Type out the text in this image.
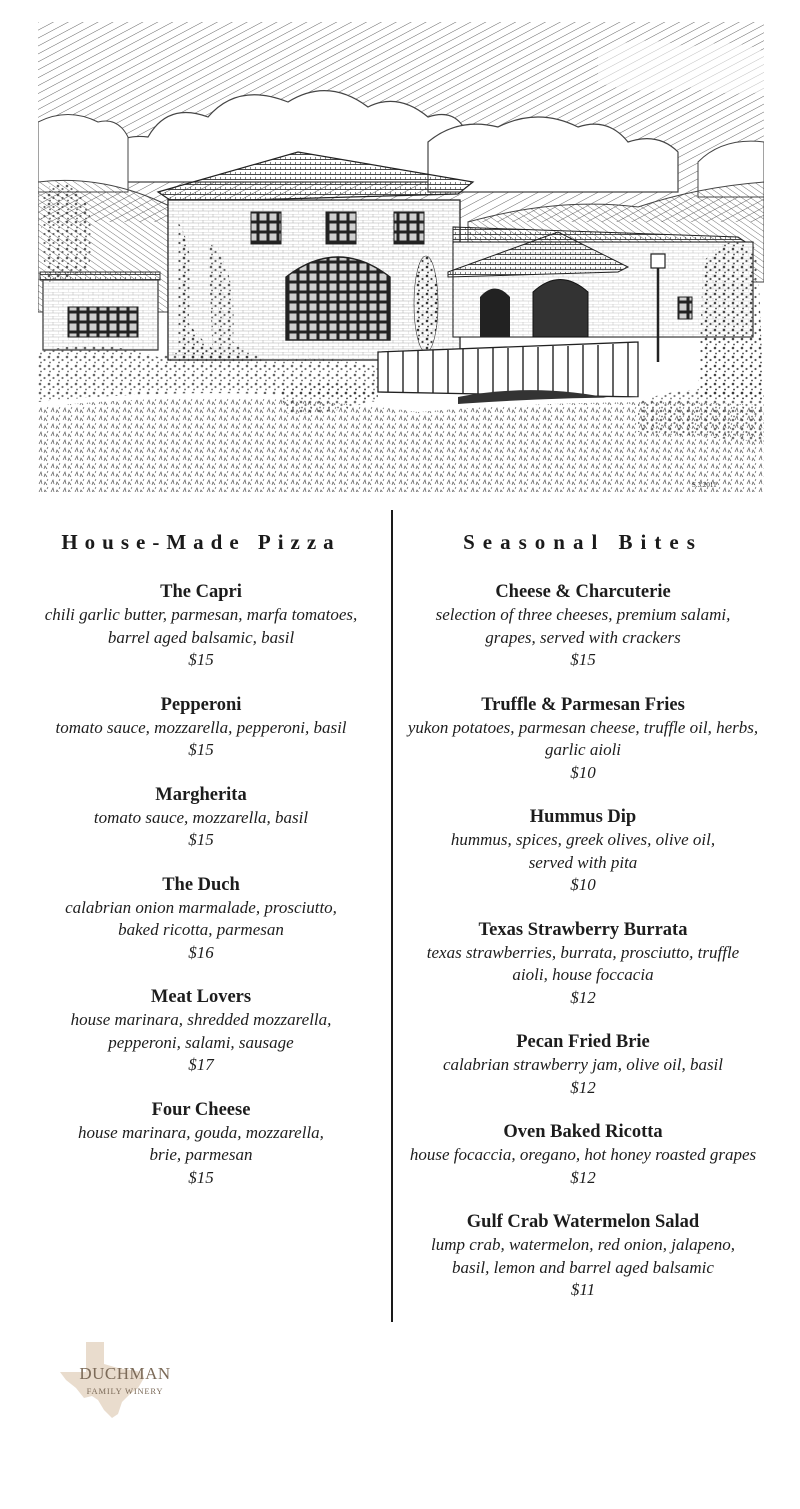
S.3.2011
House-Made Pizza
The Capri
chili garlic butter, parmesan, marfa tomatoes, barrel aged balsamic, basil
$15
Pepperoni
tomato sauce, mozzarella, pepperoni, basil
$15
Margherita
tomato sauce, mozzarella, basil
$15
The Duch
calabrian onion marmalade, prosciutto, baked ricotta, parmesan
$16
Meat Lovers
house marinara, shredded mozzarella, pepperoni, salami, sausage
$17
Four Cheese
house marinara, gouda, mozzarella, brie, parmesan
$15
Seasonal Bites
Cheese & Charcuterie
selection of three cheeses, premium salami, grapes, served with crackers
$15
Truffle & Parmesan Fries
yukon potatoes, parmesan cheese, truffle oil, herbs, garlic aioli
$10
Hummus Dip
hummus, spices, greek olives, olive oil, served with pita
$10
Texas Strawberry Burrata
texas strawberries, burrata, prosciutto, truffle aioli, house foccacia
$12
Pecan Fried Brie
calabrian strawberry jam, olive oil, basil
$12
Oven Baked Ricotta
house focaccia, oregano, hot honey roasted grapes
$12
Gulf Crab Watermelon Salad
lump crab, watermelon, red onion, jalapeno, basil, lemon and barrel aged balsamic
$11
DUCHMAN
FAMILY WINERY
